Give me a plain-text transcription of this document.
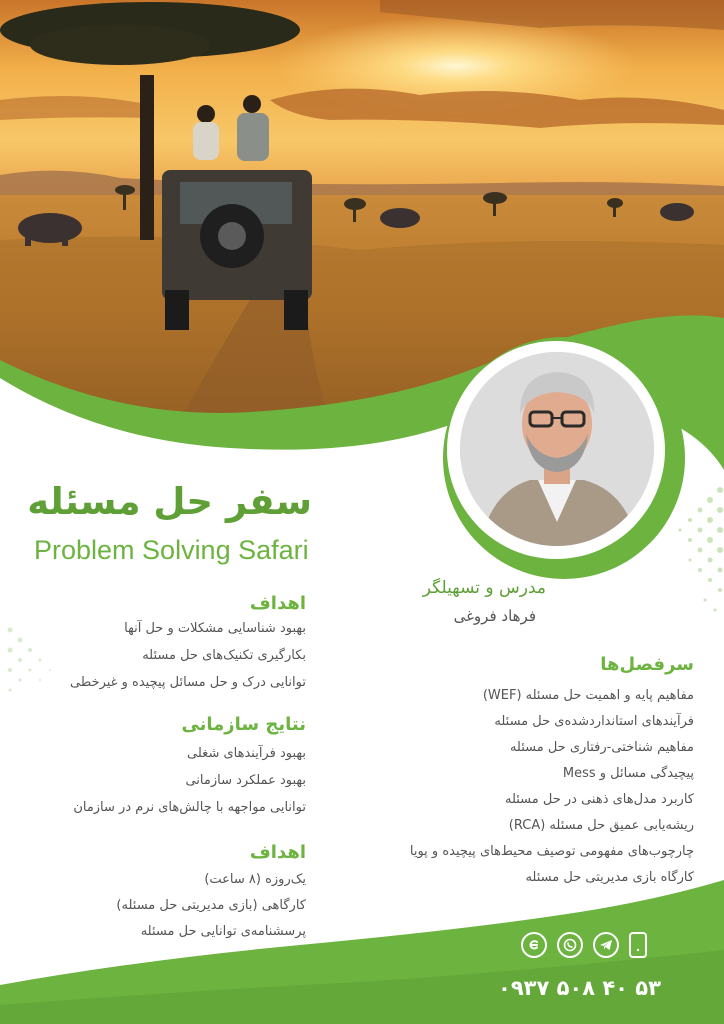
سفر حل مسئله
Problem Solving Safari
اهداف
بهبود شناسایی مشکلات و حل آنها
بکارگیری تکنیک‌های حل مسئله
توانایی درک و حل مسائل پیچیده و غیرخطی
نتایج سازمانی
بهبود فرآیندهای شغلی
بهبود عملکرد سازمانی
توانایی مواجهه با چالش‌های نرم در سازمان
اهداف
یک‌روزه (۸ ساعت)
کارگاهی (بازی مدیریتی حل مسئله)
پرسشنامه‌ی توانایی حل مسئله
مدرس و تسهیلگر
فرهاد فروغی
سرفصل‌ها
مفاهیم پایه و اهمیت حل مسئله (WEF)
فرآیندهای استانداردشده‌ی حل مسئله
مفاهیم شناختی-رفتاری حل مسئله
پیچیدگی مسائل و Mess
کاربرد مدل‌های ذهنی در حل مسئله
ریشه‌یابی عمیق حل مسئله (RCA)
چارچوب‌های مفهومی توصیف محیط‌های پیچیده و پویا
کارگاه بازی مدیریتی حل مسئله
۰۹۳۷ ۵۰۸ ۴۰ ۵۳
